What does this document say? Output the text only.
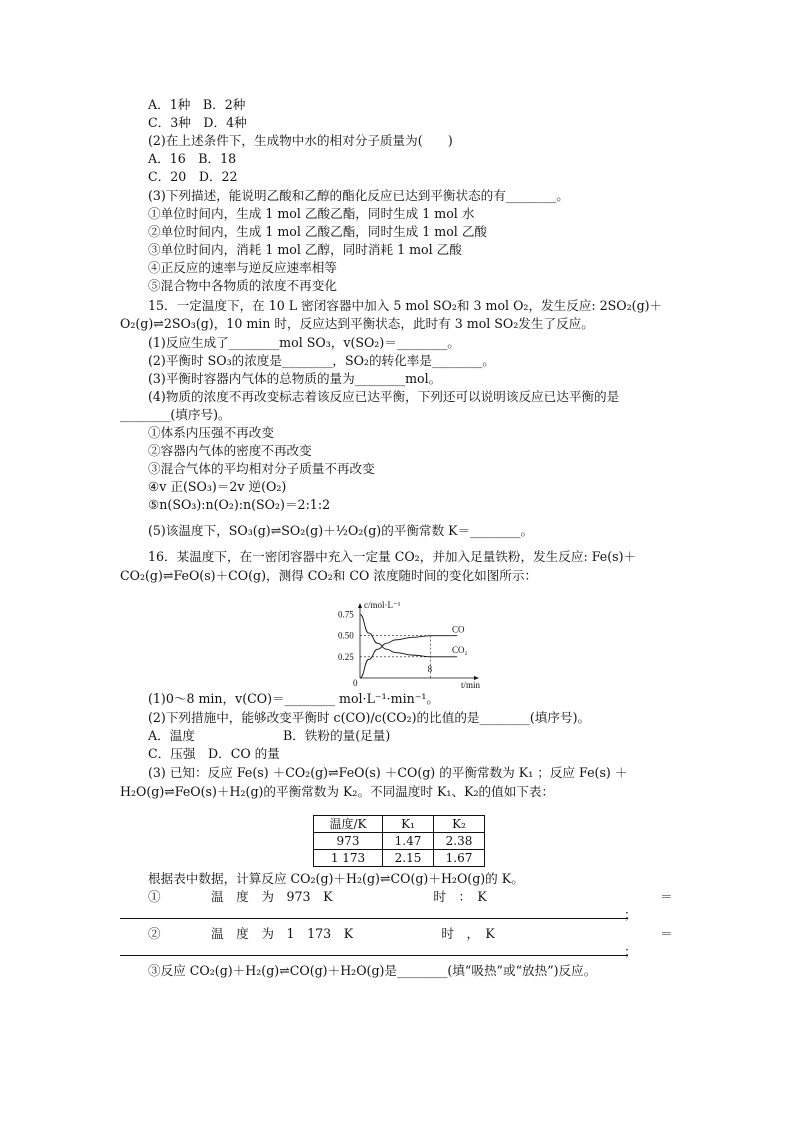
A．1种　B．2种
C．3种　D．4种
(2)在上述条件下，生成物中水的相对分子质量为(　　)
A．16　B．18
C．20　D．22
(3)下列描述，能说明乙酸和乙醇的酯化反应已达到平衡状态的有________。
①单位时间内，生成 1 mol 乙酸乙酯，同时生成 1 mol 水
②单位时间内，生成 1 mol 乙酸乙酯，同时生成 1 mol 乙酸
③单位时间内，消耗 1 mol 乙醇，同时消耗 1 mol 乙酸
④正反应的速率与逆反应速率相等
⑤混合物中各物质的浓度不再变化
15．一定温度下，在 10 L 密闭容器中加入 5 mol SO₂和 3 mol O₂，发生反应: 2SO₂(g)＋
O₂(g)⇌2SO₃(g)，10 min 时，反应达到平衡状态，此时有 3 mol SO₂发生了反应。
(1)反应生成了________mol SO₃，v(SO₂)＝________。
(2)平衡时 SO₃的浓度是________，SO₂的转化率是________。
(3)平衡时容器内气体的总物质的量为________mol。
(4)物质的浓度不再改变标志着该反应已达平衡，下列还可以说明该反应已达平衡的是
________(填序号)。
①体系内压强不再改变
②容器内气体的密度不再改变
③混合气体的平均相对分子质量不再改变
④v 正(SO₃)＝2v 逆(O₂)
⑤n(SO₃):n(O₂):n(SO₂)＝2:1:2
(5)该温度下，SO₃(g)⇌SO₂(g)＋½O₂(g)的平衡常数 K＝________。
16．某温度下，在一密闭容器中充入一定量 CO₂，并加入足量铁粉，发生反应: Fe(s)＋
CO₂(g)⇌FeO(s)＋CO(g)，测得 CO₂和 CO 浓度随时间的变化如图所示：
c/mol·L⁻¹
t/min
0.75
0.50
0.25
0
8
CO
CO₂
(1)0～8 min，v(CO)＝________ mol·L⁻¹·min⁻¹。
(2)下列措施中，能够改变平衡时 c(CO)/c(CO₂)的比值的是________(填序号)。
A．温度　　　　　　　B．铁粉的量(足量)
C．压强　D．CO 的量
(3) 已知：反应 Fe(s) ＋CO₂(g)⇌FeO(s) ＋CO(g) 的平衡常数为 K₁ ；反应 Fe(s) ＋
H₂O(g)⇌FeO(s)＋H₂(g)的平衡常数为 K₂。不同温度时 K₁、K₂的值如下表：
温度/K	K₁	K₂
973	1.47	2.38
1 173	2.15	1.67
根据表中数据，计算反应 CO₂(g)＋H₂(g)⇌CO(g)＋H₂O(g)的 K。
①　　　　温　度　为　973　K　　　　　　　　时　：　K	＝
；
②　　　　温　度　为　1　173　K　　　　　　　时　，　K	＝
；
③反应 CO₂(g)＋H₂(g)⇌CO(g)＋H₂O(g)是________(填“吸热”或“放热”)反应。
